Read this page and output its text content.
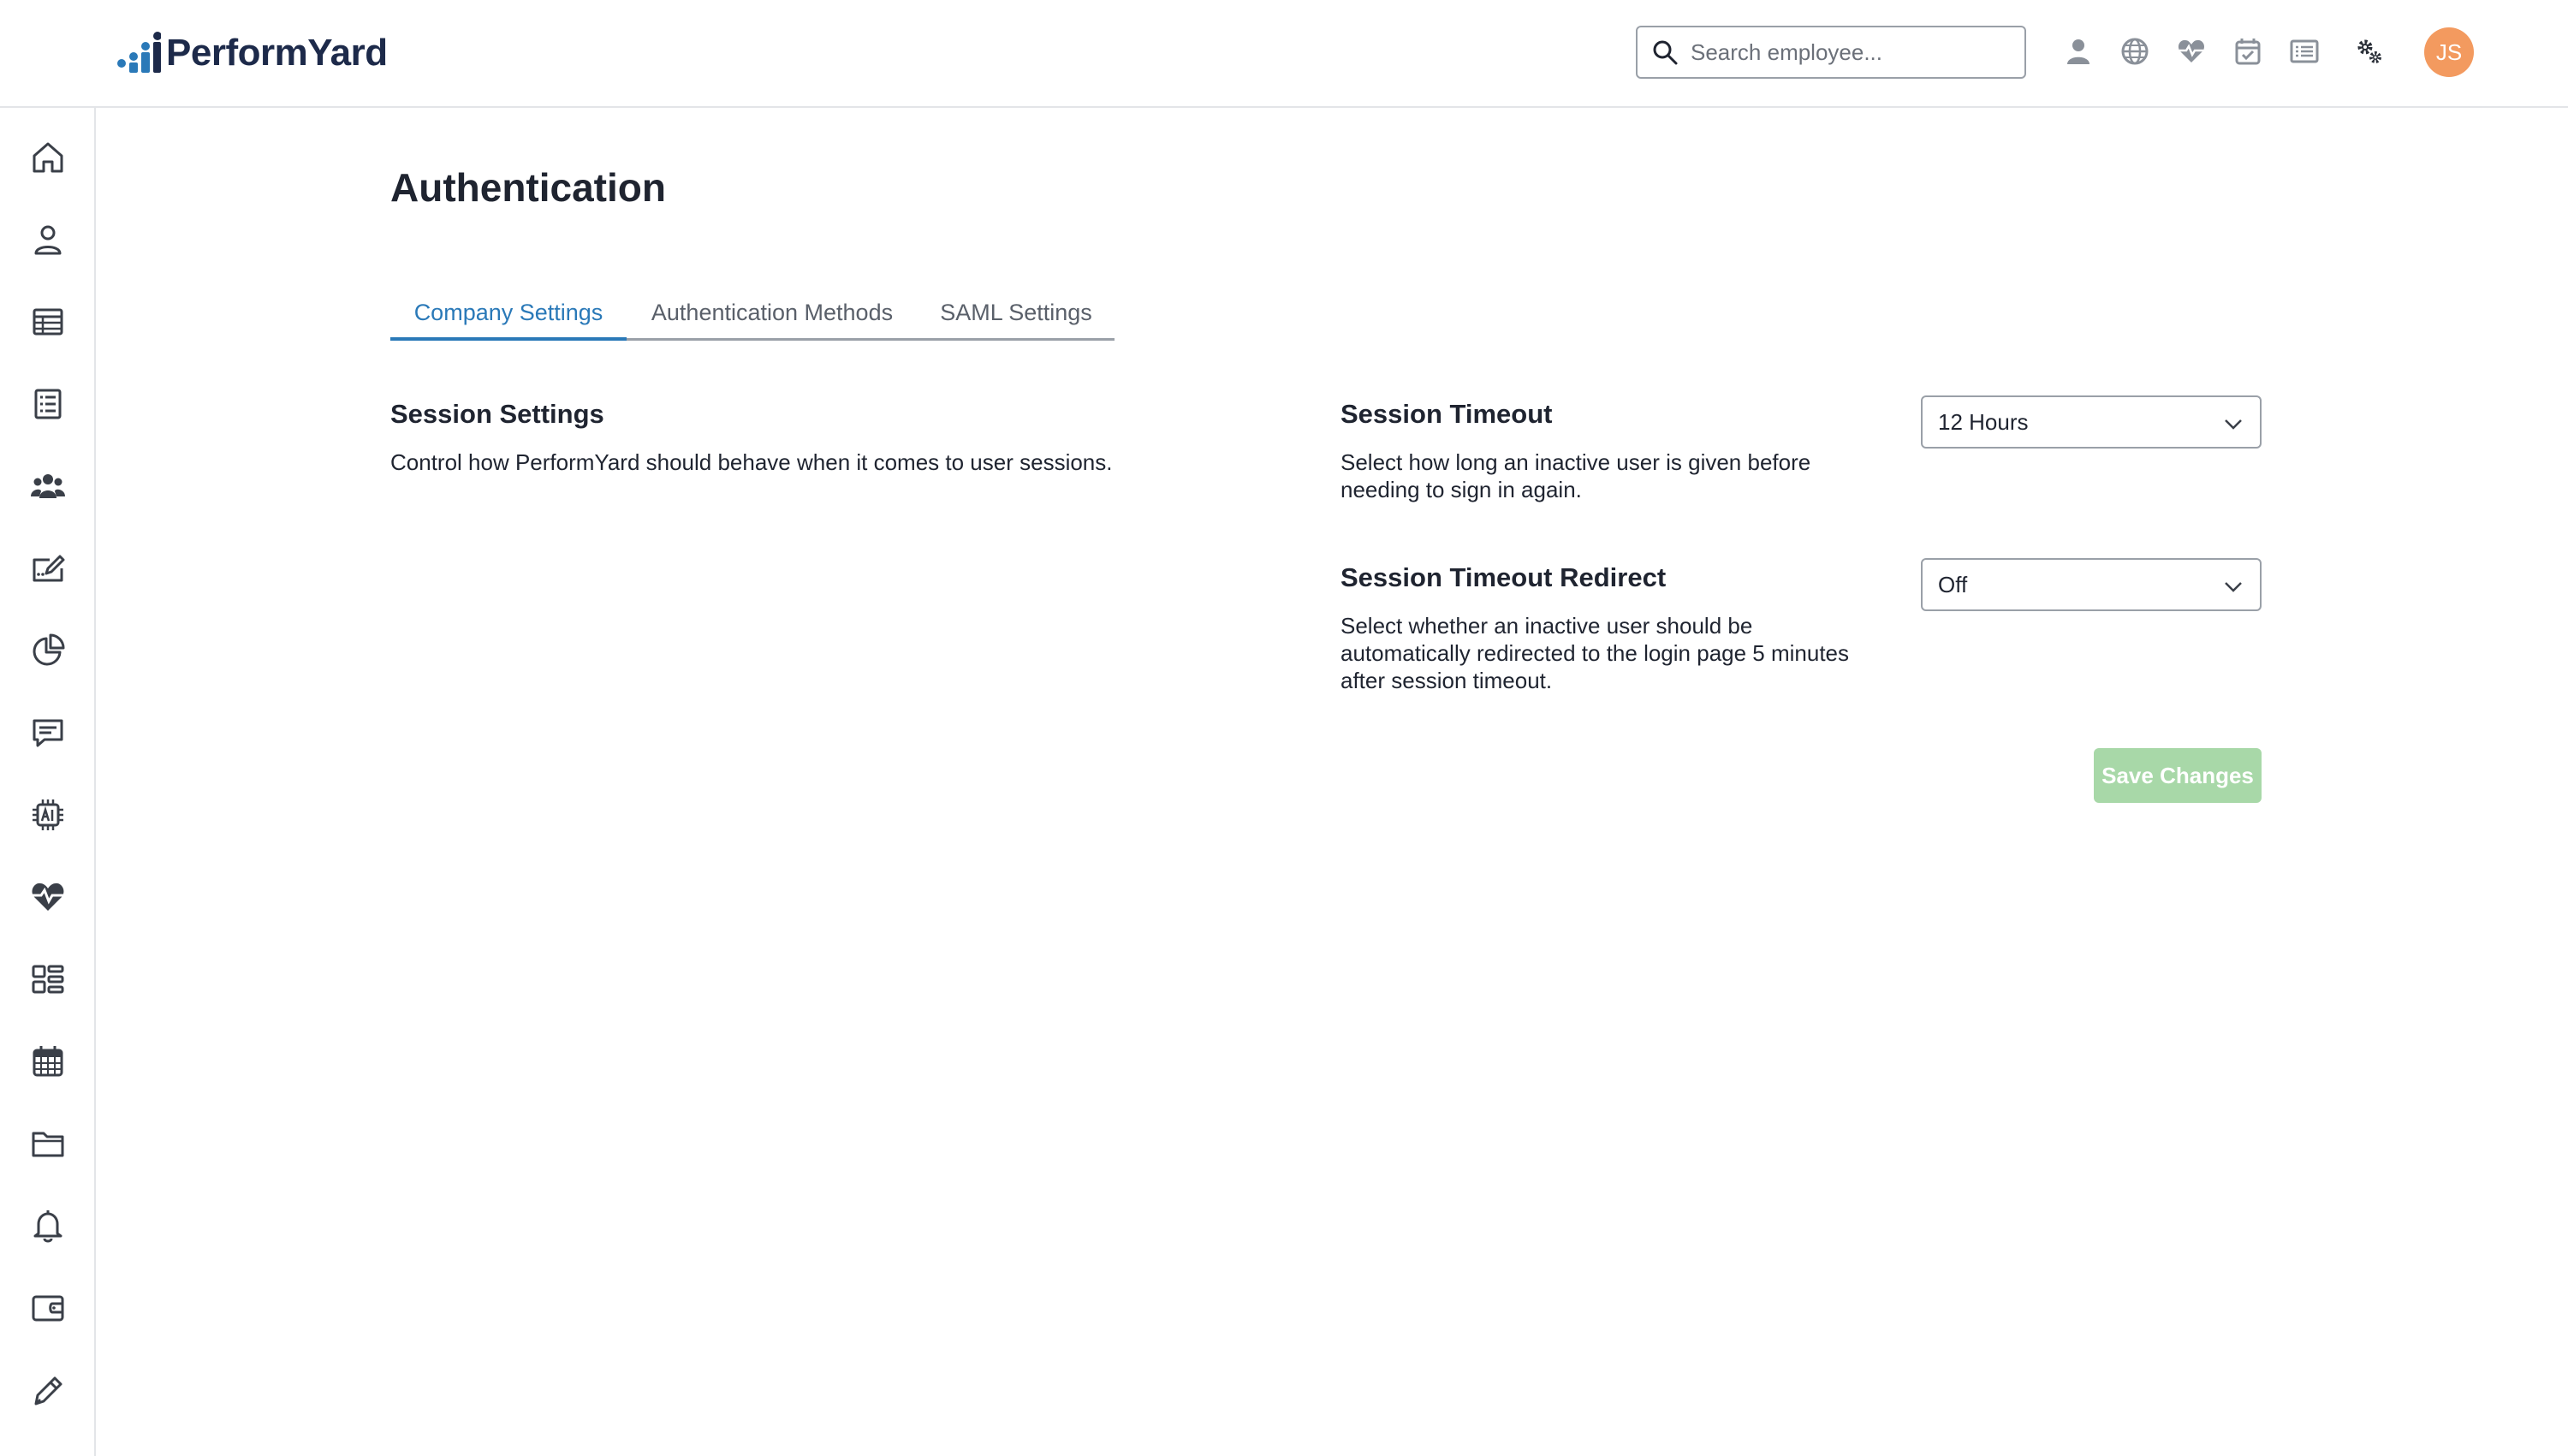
PerformYard
Search employee...	JS
Authentication
Company Settings	Authentication Methods	SAML Settings
Session Settings
Control how PerformYard should behave when it comes to user sessions.
Session Timeout
Select how long an inactive user is given before
needing to sign in again.
12 Hours
Session Timeout Redirect
Select whether an inactive user should be
automatically redirected to the login page 5 minutes
after session timeout.
Off
Save Changes
